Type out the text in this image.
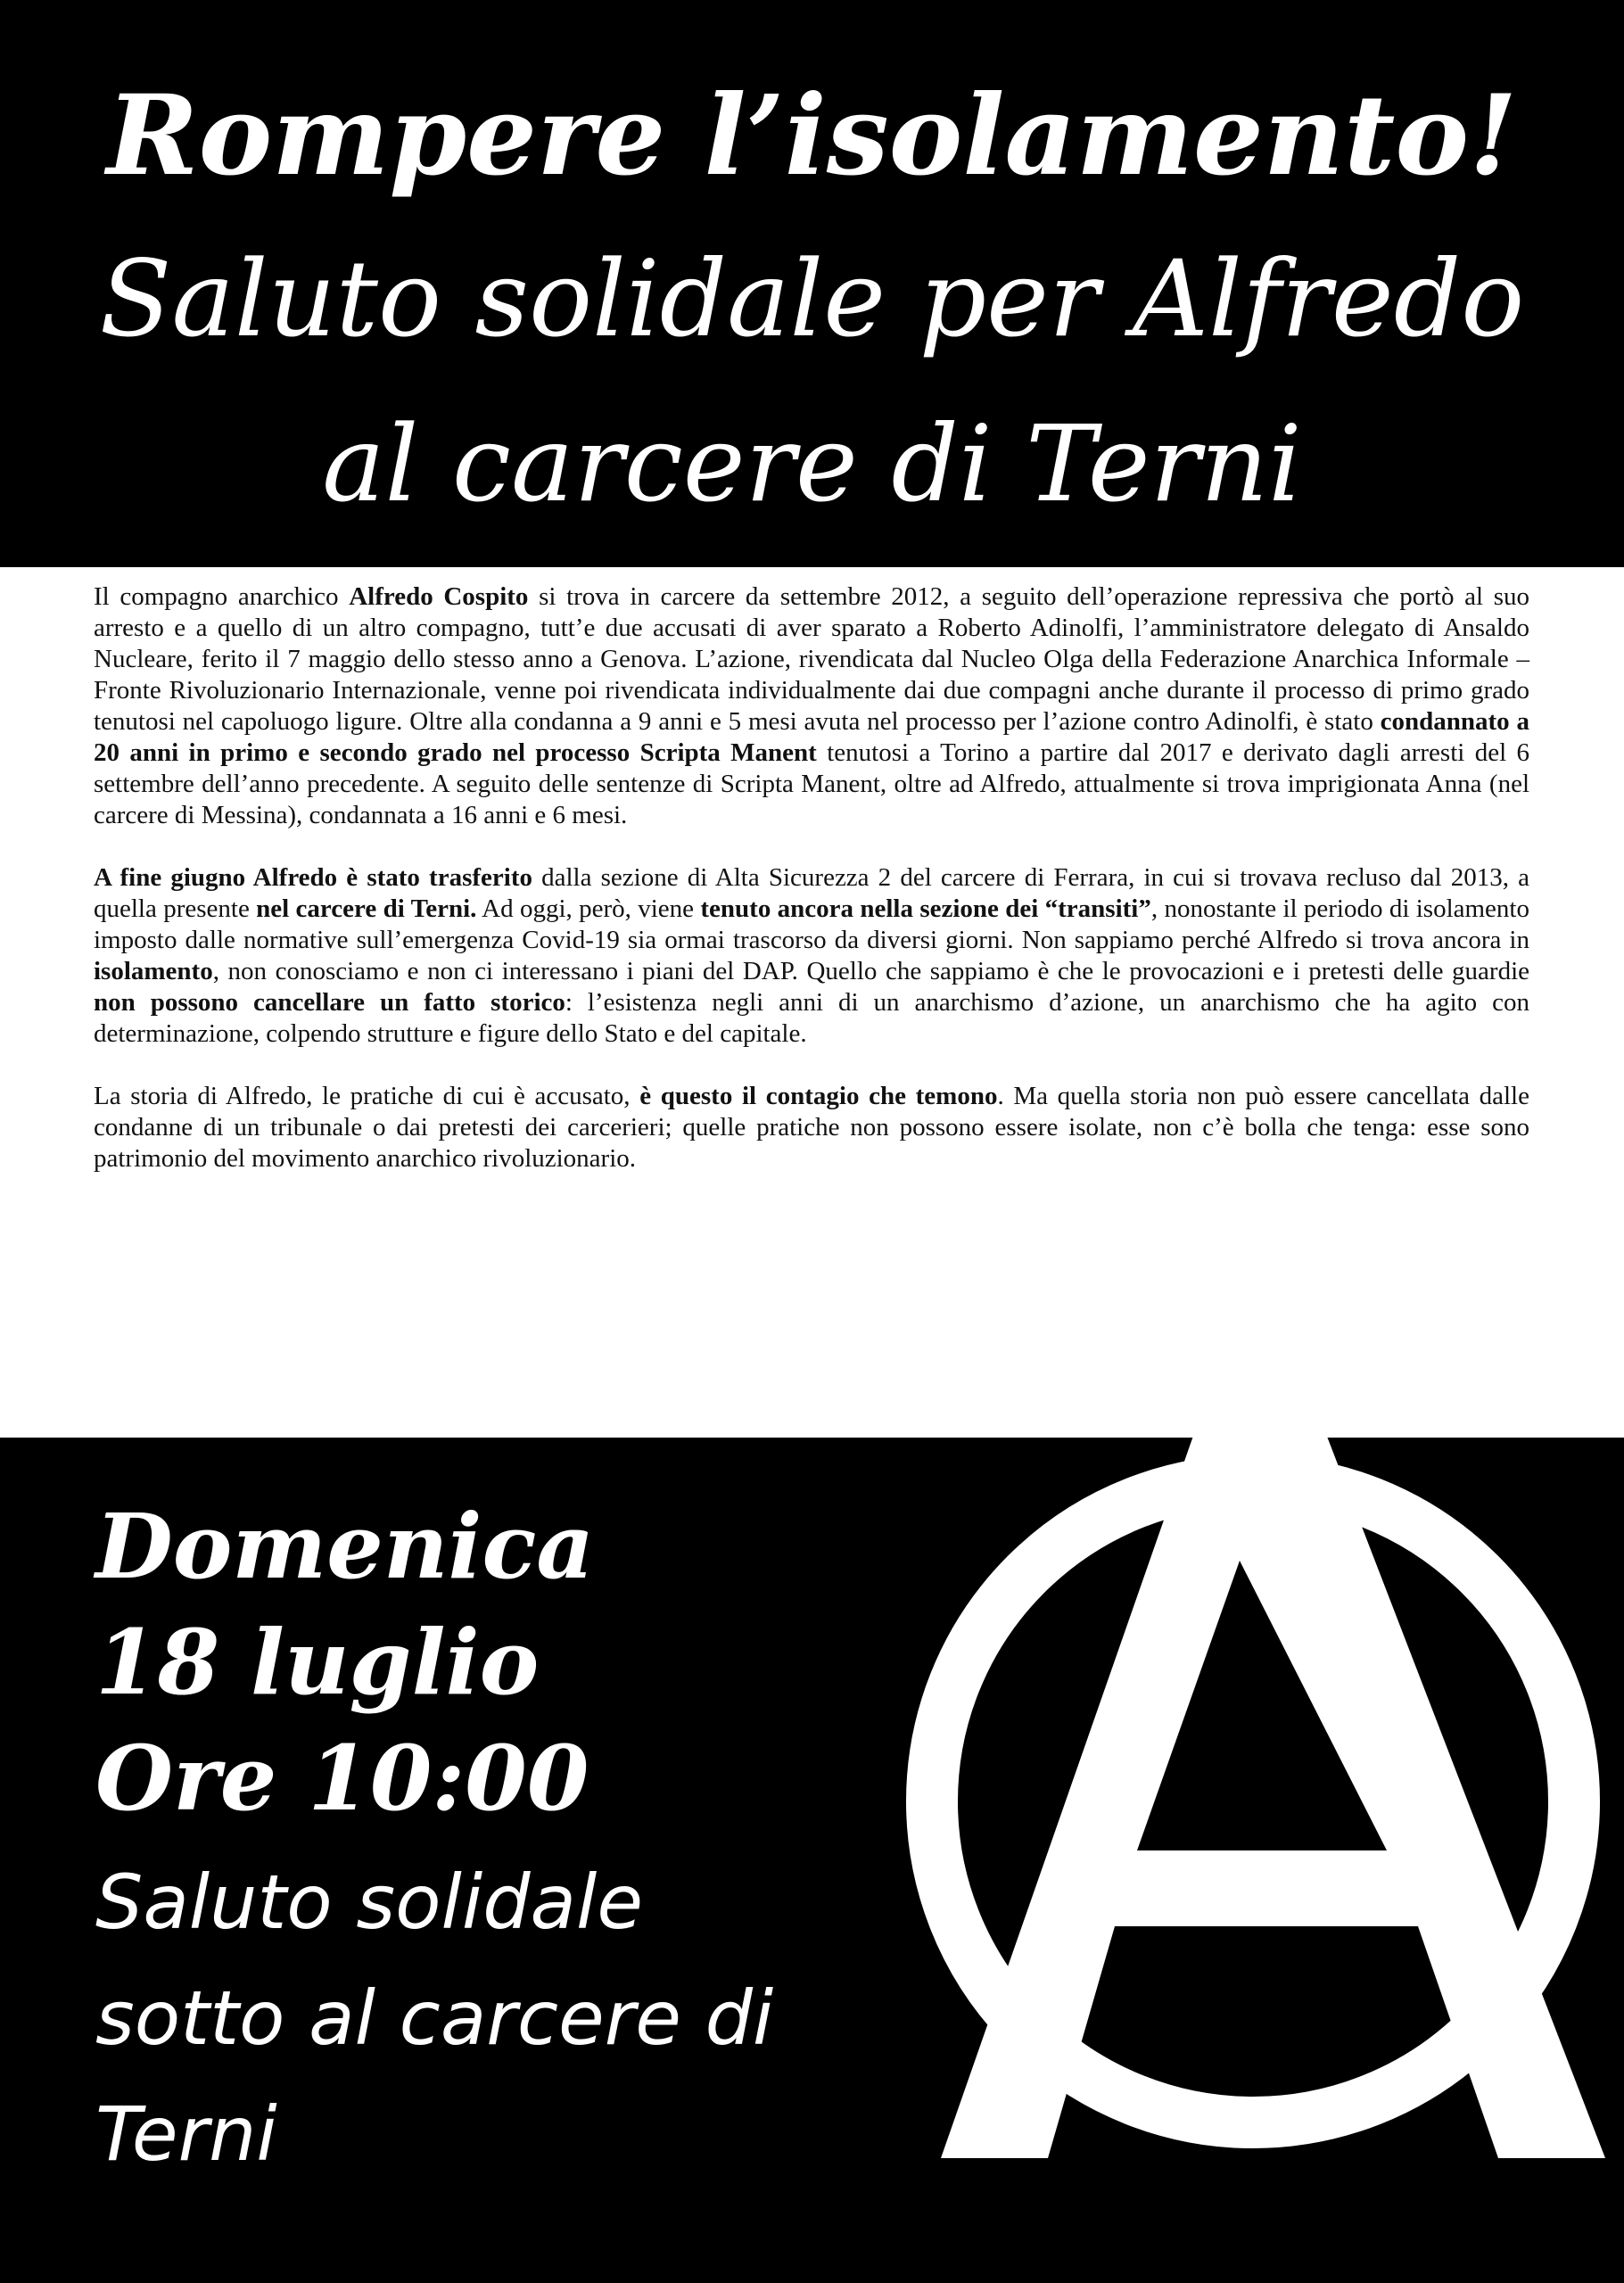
Rompere l’isolamento!
Saluto solidale per Alfredo
al carcere di Terni

Il compagno anarchico Alfredo Cospito si trova in carcere da settembre 2012, a seguito dell’operazione repressiva che portò al suo arresto e a quello di un altro compagno, tutt’e due accusati di aver sparato a Roberto Adinolfi, l’amministratore delegato di Ansaldo Nucleare, ferito il 7 maggio dello stesso anno a Genova. L’azione, rivendicata dal Nucleo Olga della Federazione Anarchica Informale – Fronte Rivoluzionario Internazionale, venne poi rivendicata individualmente dai due compagni anche durante il processo di primo grado tenutosi nel capoluogo ligure. Oltre alla condanna a 9 anni e 5 mesi avuta nel processo per l’azione contro Adinolfi, è stato condannato a 20 anni in primo e secondo grado nel processo Scripta Manent tenutosi a Torino a partire dal 2017 e derivato dagli arresti del 6 settembre dell’anno precedente. A seguito delle sentenze di Scripta Manent, oltre ad Alfredo, attualmente si trova imprigionata Anna (nel carcere di Messina), condannata a 16 anni e 6 mesi.

A fine giugno Alfredo è stato trasferito dalla sezione di Alta Sicurezza 2 del carcere di Ferrara, in cui si trovava recluso dal 2013, a quella presente nel carcere di Terni. Ad oggi, però, viene tenuto ancora nella sezione dei “transiti”, nonostante il periodo di isolamento imposto dalle normative sull’emergenza Covid-19 sia ormai trascorso da diversi giorni. Non sappiamo perché Alfredo si trova ancora in isolamento, non conosciamo e non ci interessano i piani del DAP. Quello che sappiamo è che le provocazioni e i pretesti delle guardie non possono cancellare un fatto storico: l’esistenza negli anni di un anarchismo d’azione, un anarchismo che ha agito con determinazione, colpendo strutture e figure dello Stato e del capitale.

La storia di Alfredo, le pratiche di cui è accusato, è questo il contagio che temono. Ma quella storia non può essere cancellata dalle condanne di un tribunale o dai pretesti dei carcerieri; quelle pratiche non possono essere isolate, non c’è bolla che tenga: esse sono patrimonio del movimento anarchico rivoluzionario.

Domenica
18 luglio
Ore 10:00
Saluto solidale
sotto al carcere di
Terni
